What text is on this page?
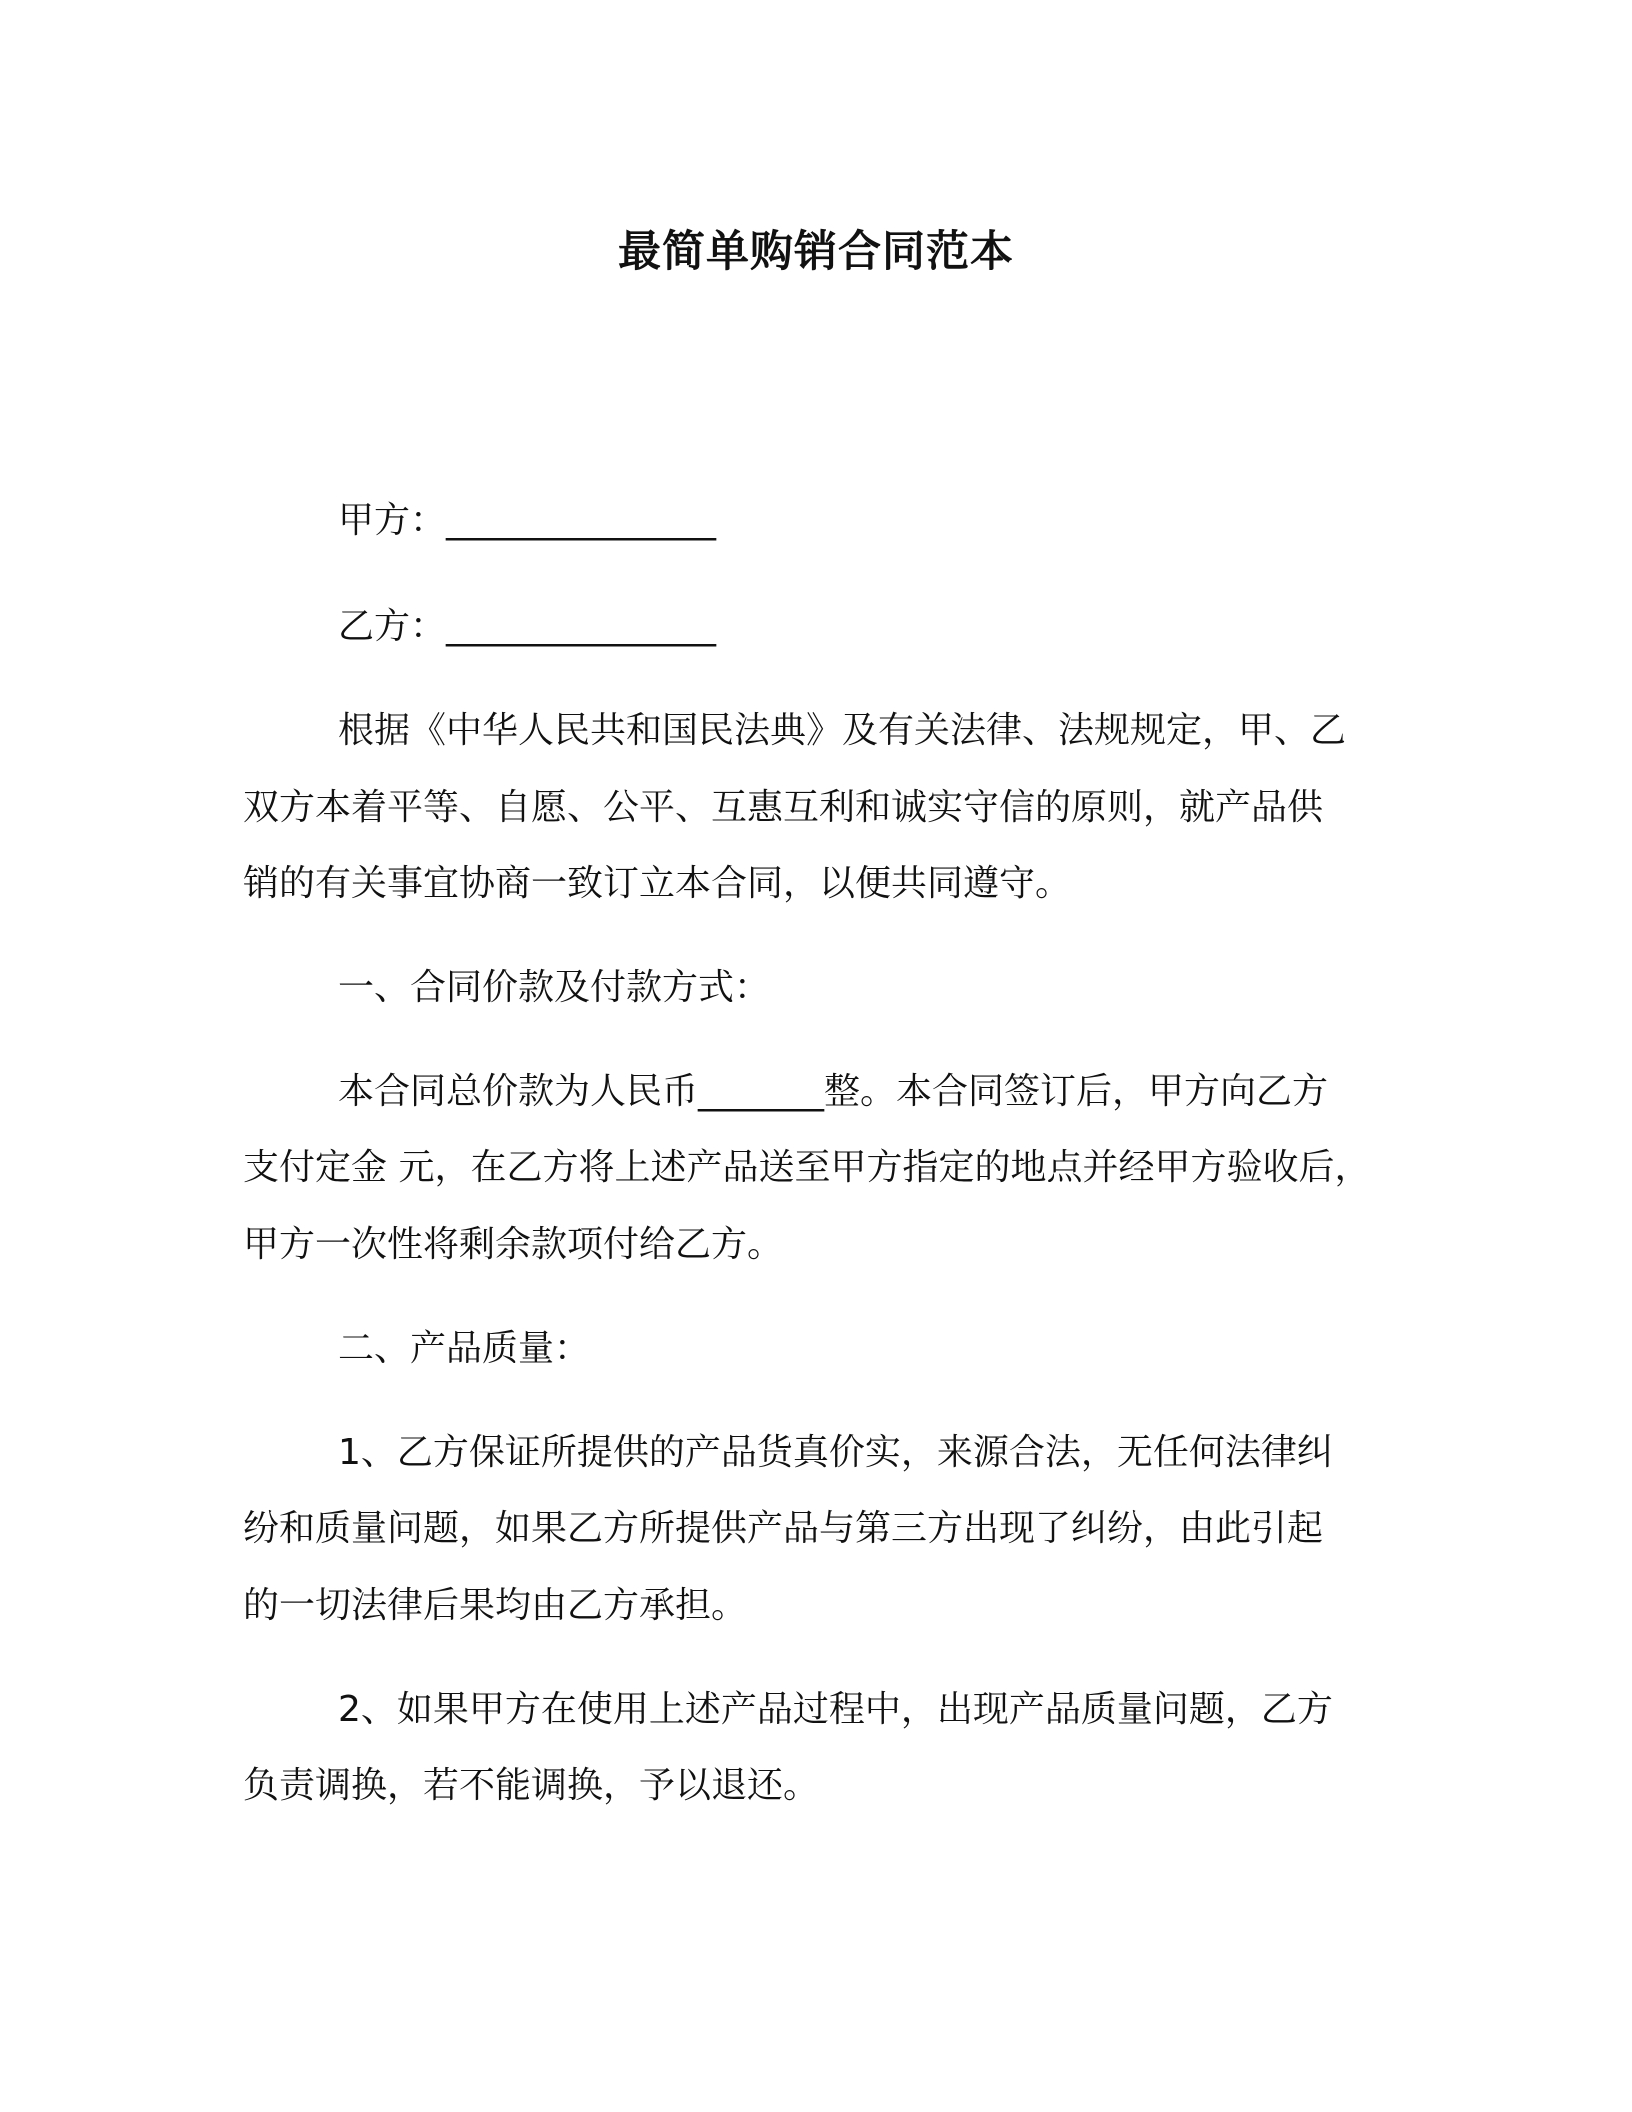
最简单购销合同范本
甲方：_______________
乙方：_______________
根据《中华人民共和国民法典》及有关法律、法规规定，甲、乙
双方本着平等、自愿、公平、互惠互利和诚实守信的原则，就产品供
销的有关事宜协商一致订立本合同，以便共同遵守。
一、合同价款及付款方式：
本合同总价款为人民币_______整。本合同签订后，甲方向乙方
支付定金 元，在乙方将上述产品送至甲方指定的地点并经甲方验收后，
甲方一次性将剩余款项付给乙方。
二、产品质量：
1、乙方保证所提供的产品货真价实，来源合法，无任何法律纠
纷和质量问题，如果乙方所提供产品与第三方出现了纠纷，由此引起
的一切法律后果均由乙方承担。
2、如果甲方在使用上述产品过程中，出现产品质量问题，乙方
负责调换，若不能调换，予以退还。
